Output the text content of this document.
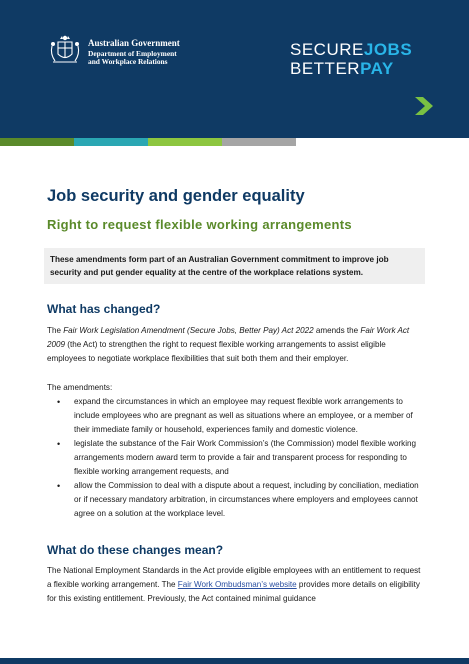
Australian Government
Department of Employment
and Workplace Relations
SECUREJOBS
BETTERPAY
Job security and gender equality
Right to request flexible working arrangements
These amendments form part of an Australian Government commitment to improve job security and put gender equality at the centre of the workplace relations system.
What has changed?

The Fair Work Legislation Amendment (Secure Jobs, Better Pay) Act 2022 amends the Fair Work Act 2009 (the Act) to strengthen the right to request flexible working arrangements to assist eligible employees to negotiate workplace flexibilities that suit both them and their employer.

The amendments:

• expand the circumstances in which an employee may request flexible work arrangements to include employees who are pregnant as well as situations where an employee, or a member of their immediate family or household, experiences family and domestic violence.
• legislate the substance of the Fair Work Commission’s (the Commission) model flexible working arrangements modern award term to provide a fair and transparent process for responding to flexible working arrangement requests, and
• allow the Commission to deal with a dispute about a request, including by conciliation, mediation or if necessary mandatory arbitration, in circumstances where employers and employees cannot agree on a solution at the workplace level.
What do these changes mean?

The National Employment Standards in the Act provide eligible employees with an entitlement to request a flexible working arrangement. The Fair Work Ombudsman’s website provides more details on eligibility for this existing entitlement. Previously, the Act contained minimal guidance
